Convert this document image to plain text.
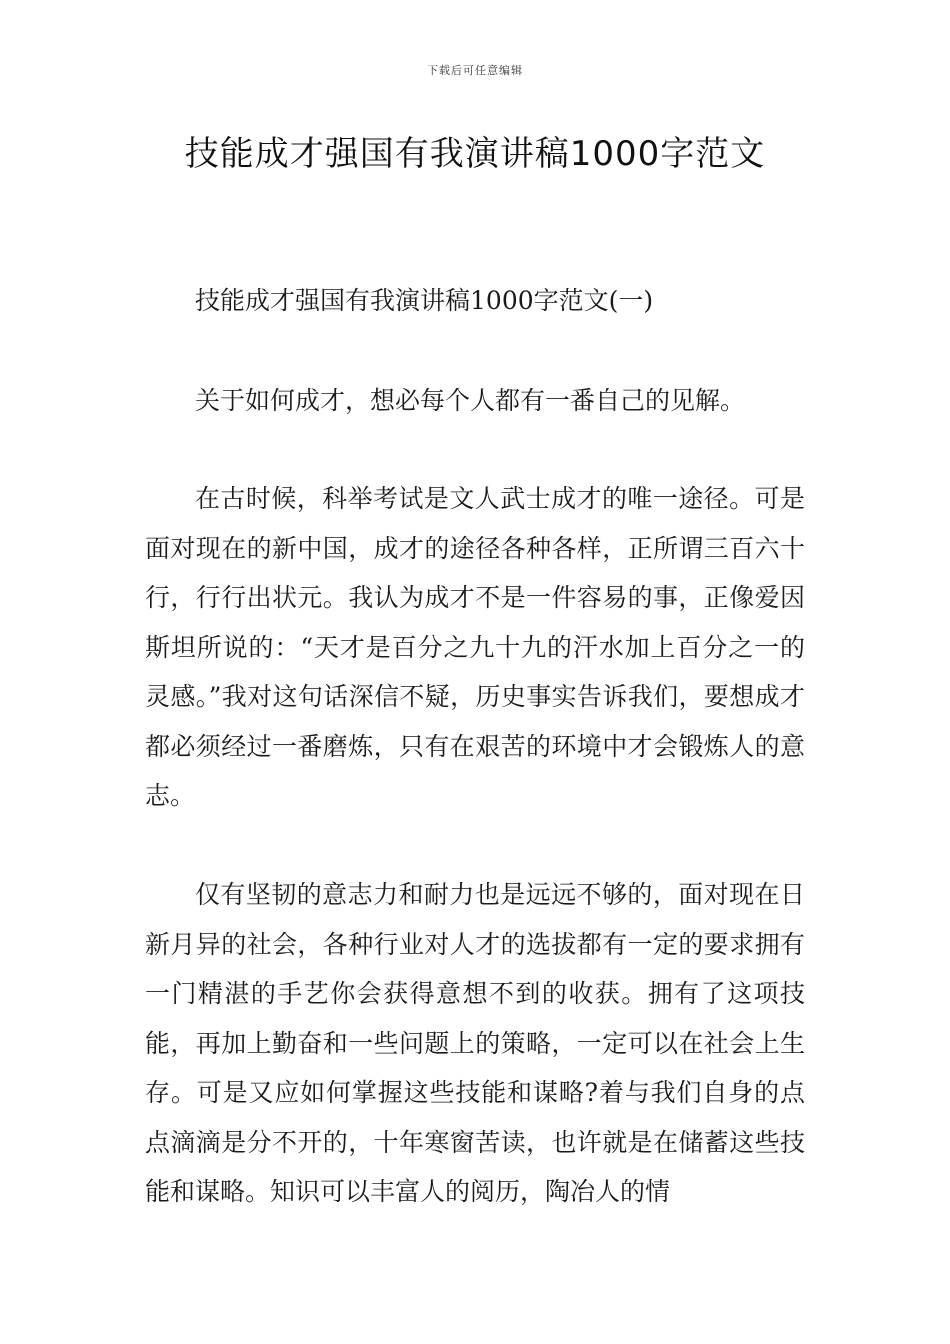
下载后可任意编辑
技能成才强国有我演讲稿1000字范文

技能成才强国有我演讲稿1000字范文(一)

关于如何成才，想必每个人都有一番自己的见解。

在古时候，科举考试是文人武士成才的唯一途径。可是面对现在的新中国，成才的途径各种各样，正所谓三百六十行，行行出状元。我认为成才不是一件容易的事，正像爱因斯坦所说的：“天才是百分之九十九的汗水加上百分之一的灵感。”我对这句话深信不疑，历史事实告诉我们，要想成才都必须经过一番磨炼，只有在艰苦的环境中才会锻炼人的意志。

仅有坚韧的意志力和耐力也是远远不够的，面对现在日新月异的社会，各种行业对人才的选拔都有一定的要求拥有一门精湛的手艺你会获得意想不到的收获。拥有了这项技能，再加上勤奋和一些问题上的策略，一定可以在社会上生存。可是又应如何掌握这些技能和谋略?着与我们自身的点点滴滴是分不开的，十年寒窗苦读，也许就是在储蓄这些技能和谋略。知识可以丰富人的阅历，陶冶人的情
